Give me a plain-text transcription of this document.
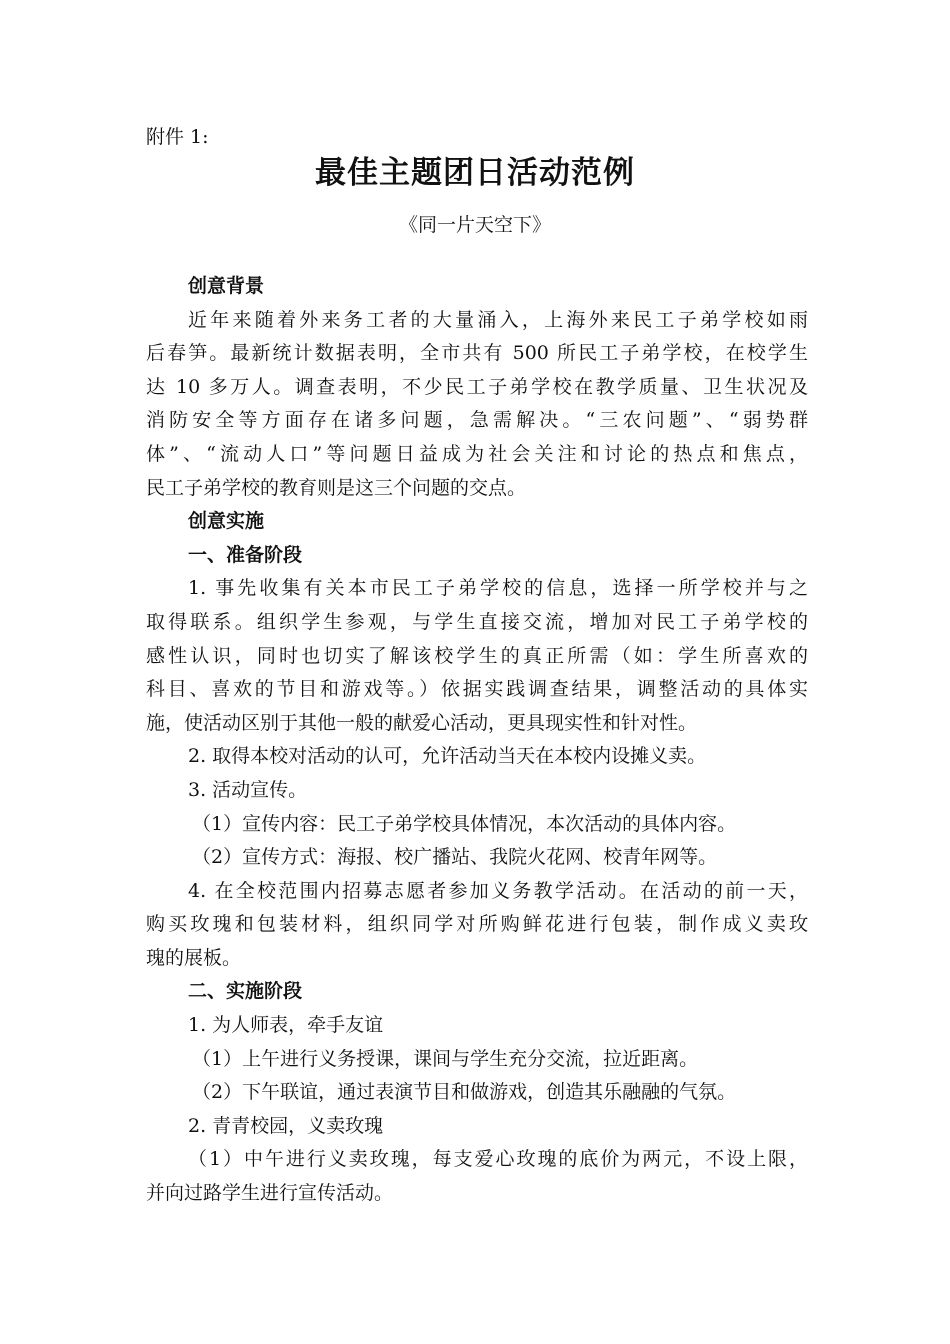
附件 1:
最佳主题团日活动范例
《同一片天空下》
创意背景
近年来随着外来务工者的大量涌入，上海外来民工子弟学校如雨
后春笋。最新统计数据表明，全市共有 500 所民工子弟学校，在校学生
达 10 多万人。调查表明，不少民工子弟学校在教学质量、卫生状况及
消防安全等方面存在诸多问题，急需解决。“三农问题”、“弱势群
体”、“流动人口”等问题日益成为社会关注和讨论的热点和焦点，
民工子弟学校的教育则是这三个问题的交点。
创意实施
一、准备阶段
1. 事先收集有关本市民工子弟学校的信息，选择一所学校并与之
取得联系。组织学生参观，与学生直接交流，增加对民工子弟学校的
感性认识，同时也切实了解该校学生的真正所需（如：学生所喜欢的
科目、喜欢的节目和游戏等。）依据实践调查结果，调整活动的具体实
施，使活动区别于其他一般的献爱心活动，更具现实性和针对性。
2. 取得本校对活动的认可，允许活动当天在本校内设摊义卖。
3. 活动宣传。
（1）宣传内容：民工子弟学校具体情况，本次活动的具体内容。
（2）宣传方式：海报、校广播站、我院火花网、校青年网等。
4. 在全校范围内招募志愿者参加义务教学活动。在活动的前一天，
购买玫瑰和包装材料，组织同学对所购鲜花进行包装，制作成义卖玫
瑰的展板。
二、实施阶段
1. 为人师表，牵手友谊
（1）上午进行义务授课，课间与学生充分交流，拉近距离。
（2）下午联谊，通过表演节目和做游戏，创造其乐融融的气氛。
2. 青青校园，义卖玫瑰
（1）中午进行义卖玫瑰，每支爱心玫瑰的底价为两元，不设上限，
并向过路学生进行宣传活动。
